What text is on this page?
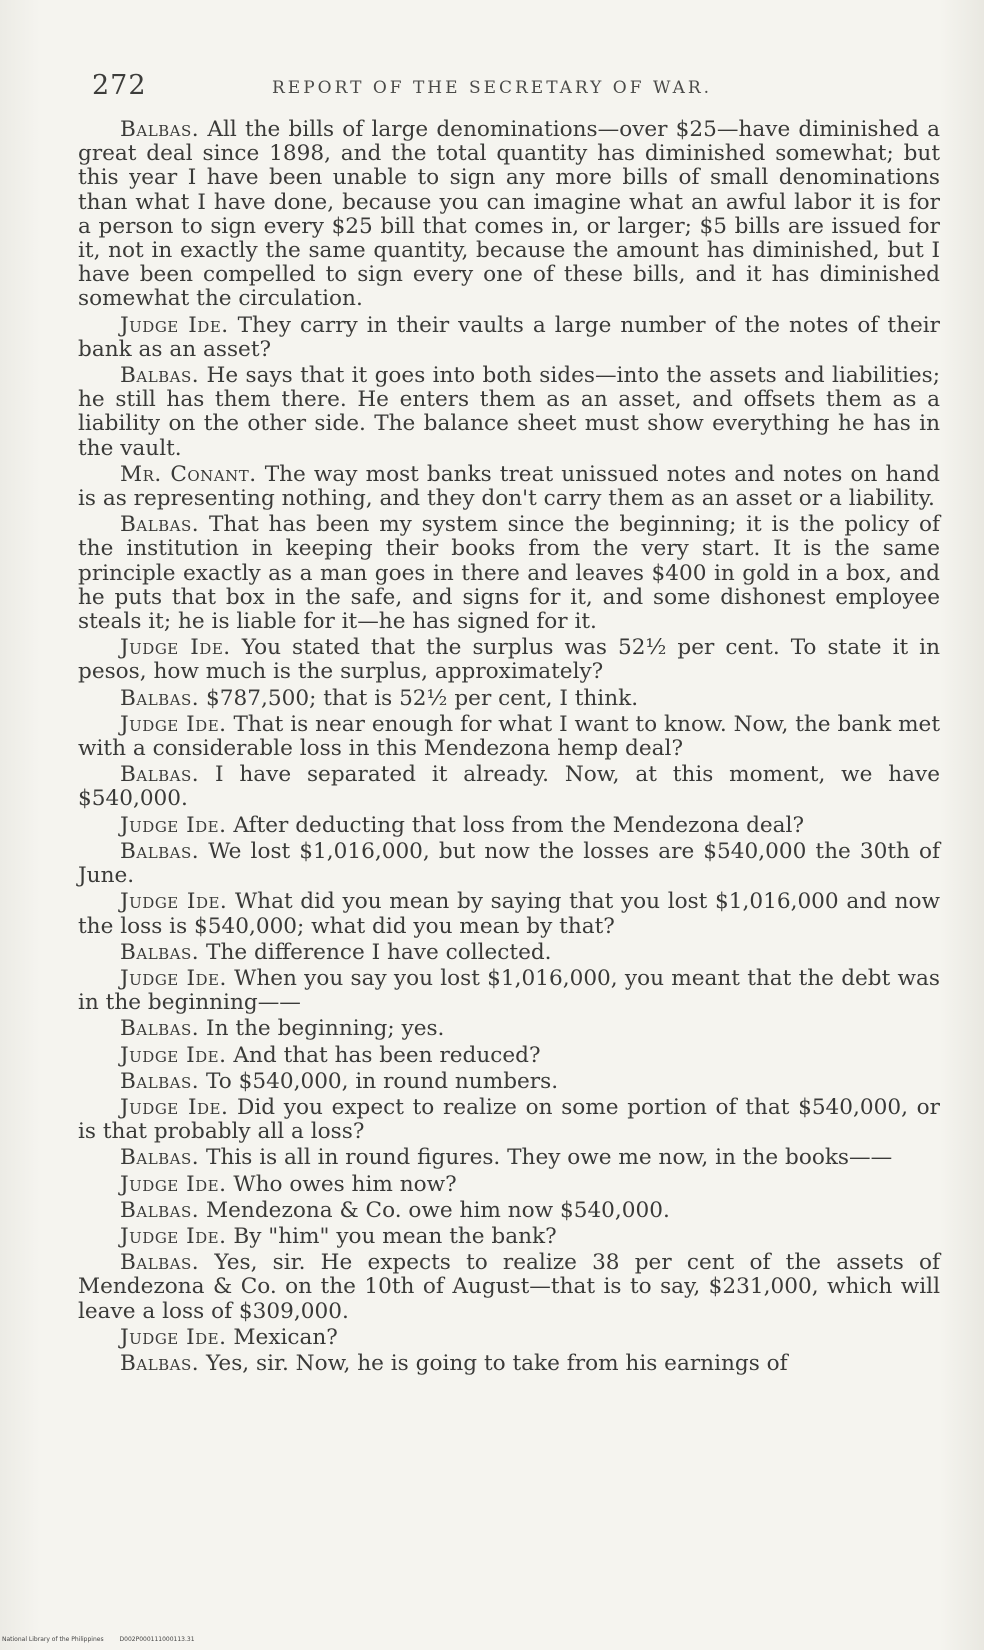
272	REPORT OF THE SECRETARY OF WAR.

Balbas. All the bills of large denominations—over $25—have diminished a great deal since 1898, and the total quantity has diminished somewhat; but this year I have been unable to sign any more bills of small denominations than what I have done, because you can imagine what an awful labor it is for a person to sign every $25 bill that comes in, or larger; $5 bills are issued for it, not in exactly the same quantity, because the amount has diminished, but I have been compelled to sign every one of these bills, and it has diminished somewhat the circulation.

Judge Ide. They carry in their vaults a large number of the notes of their bank as an asset?

Balbas. He says that it goes into both sides—into the assets and liabilities; he still has them there. He enters them as an asset, and offsets them as a liability on the other side. The balance sheet must show everything he has in the vault.

Mr. Conant. The way most banks treat unissued notes and notes on hand is as representing nothing, and they don't carry them as an asset or a liability.

Balbas. That has been my system since the beginning; it is the policy of the institution in keeping their books from the very start. It is the same principle exactly as a man goes in there and leaves $400 in gold in a box, and he puts that box in the safe, and signs for it, and some dishonest employee steals it; he is liable for it—he has signed for it.

Judge Ide. You stated that the surplus was 52½ per cent. To state it in pesos, how much is the surplus, approximately?

Balbas. $787,500; that is 52½ per cent, I think.

Judge Ide. That is near enough for what I want to know. Now, the bank met with a considerable loss in this Mendezona hemp deal?

Balbas. I have separated it already. Now, at this moment, we have $540,000.

Judge Ide. After deducting that loss from the Mendezona deal?

Balbas. We lost $1,016,000, but now the losses are $540,000 the 30th of June.

Judge Ide. What did you mean by saying that you lost $1,016,000 and now the loss is $540,000; what did you mean by that?

Balbas. The difference I have collected.

Judge Ide. When you say you lost $1,016,000, you meant that the debt was in the beginning——

Balbas. In the beginning; yes.

Judge Ide. And that has been reduced?

Balbas. To $540,000, in round numbers.

Judge Ide. Did you expect to realize on some portion of that $540,000, or is that probably all a loss?

Balbas. This is all in round figures. They owe me now, in the books——

Judge Ide. Who owes him now?

Balbas. Mendezona & Co. owe him now $540,000.

Judge Ide. By "him" you mean the bank?

Balbas. Yes, sir. He expects to realize 38 per cent of the assets of Mendezona & Co. on the 10th of August—that is to say, $231,000, which will leave a loss of $309,000.

Judge Ide. Mexican?

Balbas. Yes, sir. Now, he is going to take from his earnings of

National Library of the Philippines	D002P000111000113.31
